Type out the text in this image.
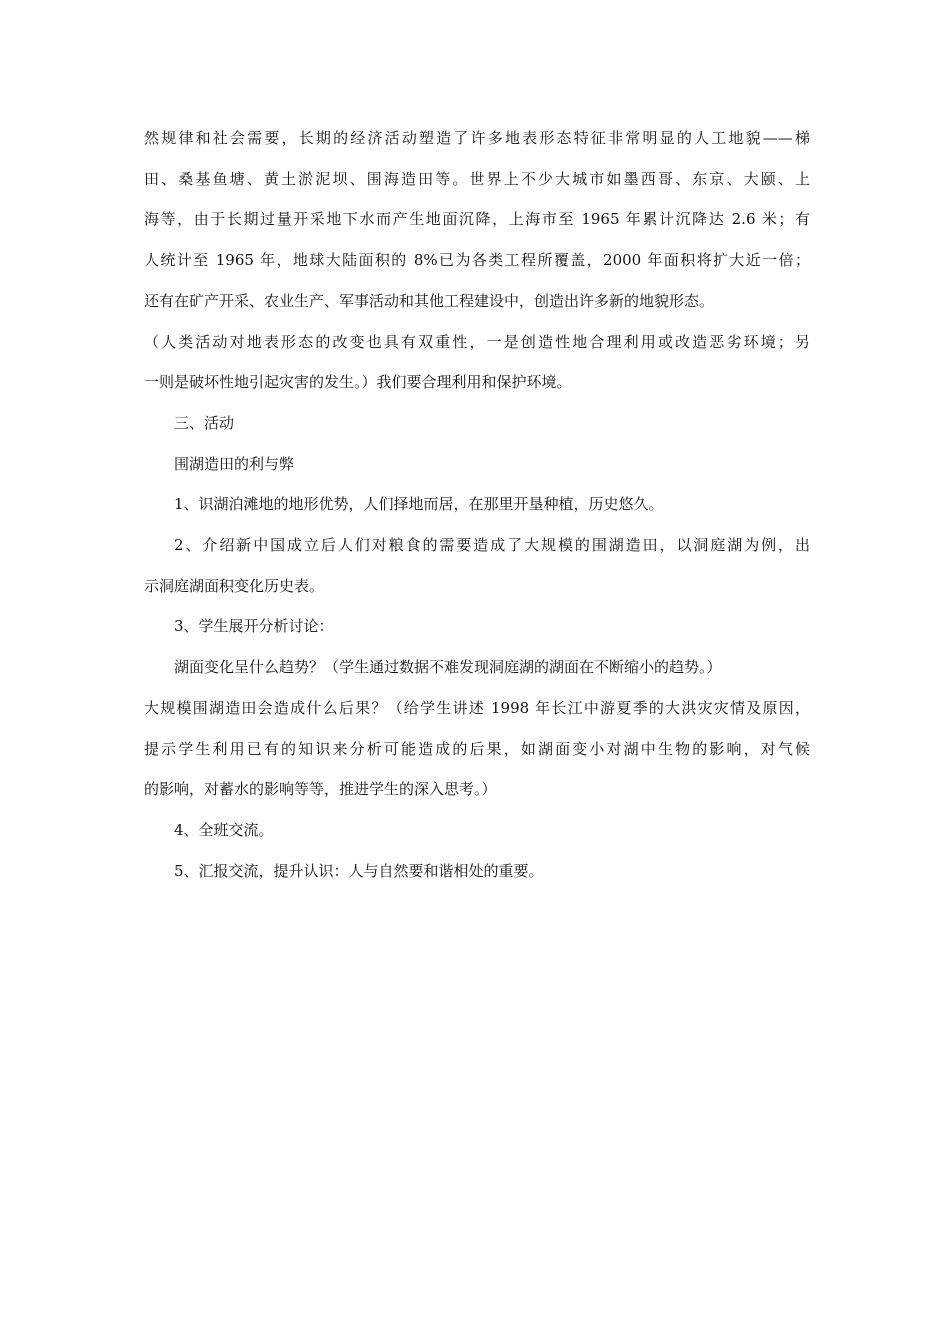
然规律和社会需要，长期的经济活动塑造了许多地表形态特征非常明显的人工地貌——梯
田、桑基鱼塘、黄土淤泥坝、围海造田等。世界上不少大城市如墨西哥、东京、大颐、上
海等，由于长期过量开采地下水而产生地面沉降，上海市至 1965 年累计沉降达 2.6 米；有
人统计至 1965 年，地球大陆面积的 8%已为各类工程所覆盖，2000 年面积将扩大近一倍；
还有在矿产开采、农业生产、军事活动和其他工程建设中，创造出许多新的地貌形态。
（人类活动对地表形态的改变也具有双重性，一是创造性地合理利用或改造恶劣环境；另
一则是破坏性地引起灾害的发生。）我们要合理利用和保护环境。

三、活动

围湖造田的利与弊

1、识湖泊滩地的地形优势，人们择地而居，在那里开垦种植，历史悠久。

2、介绍新中国成立后人们对粮食的需要造成了大规模的围湖造田，以洞庭湖为例，出
示洞庭湖面积变化历史表。

3、学生展开分析讨论：

湖面变化呈什么趋势？（学生通过数据不难发现洞庭湖的湖面在不断缩小的趋势。）

大规模围湖造田会造成什么后果？（给学生讲述 1998 年长江中游夏季的大洪灾灾情及原因，
提示学生利用已有的知识来分析可能造成的后果，如湖面变小对湖中生物的影响，对气候
的影响，对蓄水的影响等等，推进学生的深入思考。）

4、全班交流。

5、汇报交流，提升认识：人与自然要和谐相处的重要。
